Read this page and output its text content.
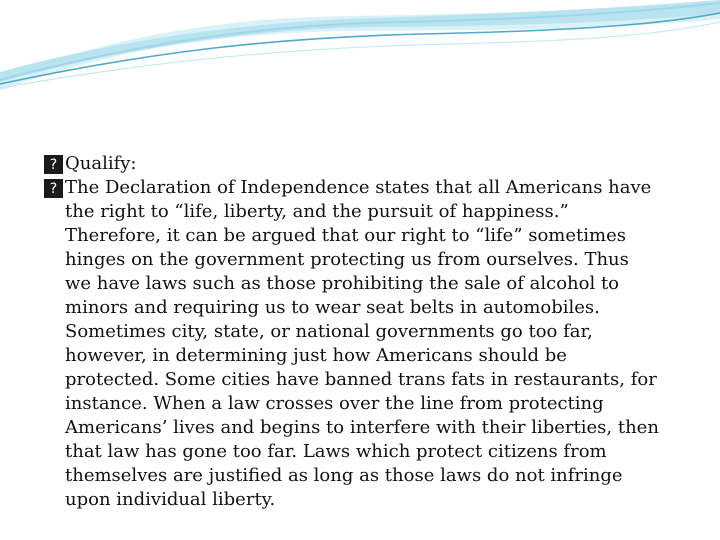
? Qualify:
? The Declaration of Independence states that all Americans have
the right to “life, liberty, and the pursuit of happiness.”
Therefore, it can be argued that our right to “life” sometimes
hinges on the government protecting us from ourselves. Thus
we have laws such as those prohibiting the sale of alcohol to
minors and requiring us to wear seat belts in automobiles.
Sometimes city, state, or national governments go too far,
however, in determining just how Americans should be
protected. Some cities have banned trans fats in restaurants, for
instance. When a law crosses over the line from protecting
Americans’ lives and begins to interfere with their liberties, then
that law has gone too far. Laws which protect citizens from
themselves are justified as long as those laws do not infringe
upon individual liberty.
